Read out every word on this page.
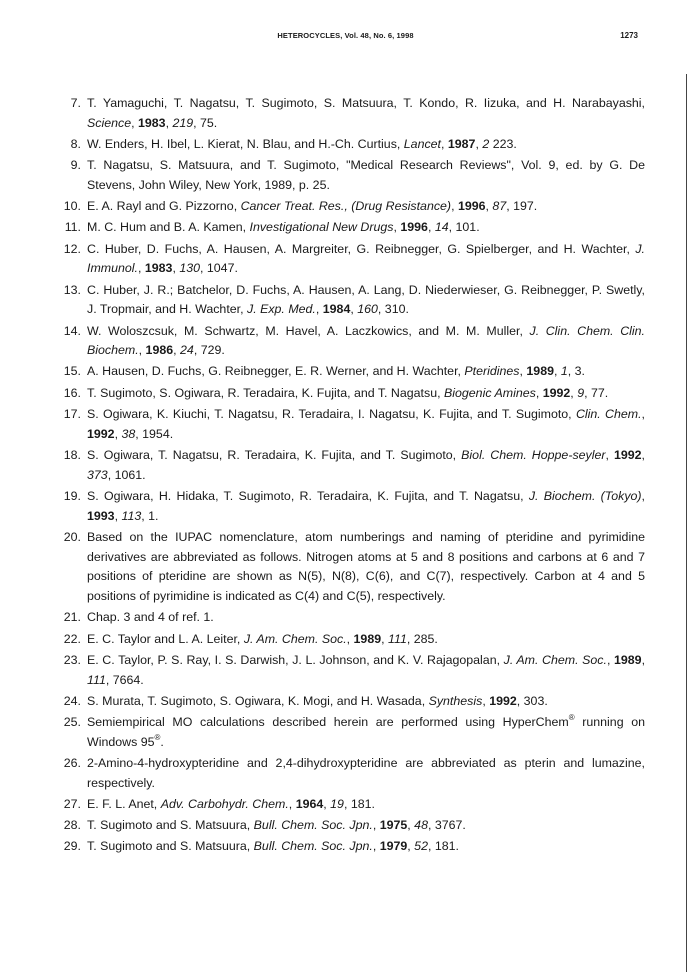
HETEROCYCLES, Vol. 48, No. 6, 1998	1273
7. T. Yamaguchi, T. Nagatsu, T. Sugimoto, S. Matsuura, T. Kondo, R. Iizuka, and H. Narabayashi, Science, 1983, 219, 75.
8. W. Enders, H. Ibel, L. Kierat, N. Blau, and H.-Ch. Curtius, Lancet, 1987, 2 223.
9. T. Nagatsu, S. Matsuura, and T. Sugimoto, "Medical Research Reviews", Vol. 9, ed. by G. De Stevens, John Wiley, New York, 1989, p. 25.
10. E. A. Rayl and G. Pizzorno, Cancer Treat. Res., (Drug Resistance), 1996, 87, 197.
11. M. C. Hum and B. A. Kamen, Investigational New Drugs, 1996, 14, 101.
12. C. Huber, D. Fuchs, A. Hausen, A. Margreiter, G. Reibnegger, G. Spielberger, and H. Wachter, J. Immunol., 1983, 130, 1047.
13. C. Huber, J. R.; Batchelor, D. Fuchs, A. Hausen, A. Lang, D. Niederwieser, G. Reibnegger, P. Swetly, J. Tropmair, and H. Wachter, J. Exp. Med., 1984, 160, 310.
14. W. Woloszcsuk, M. Schwartz, M. Havel, A. Laczkowics, and M. M. Muller, J. Clin. Chem. Clin. Biochem., 1986, 24, 729.
15. A. Hausen, D. Fuchs, G. Reibnegger, E. R. Werner, and H. Wachter, Pteridines, 1989, 1, 3.
16. T. Sugimoto, S. Ogiwara, R. Teradaira, K. Fujita, and T. Nagatsu, Biogenic Amines, 1992, 9, 77.
17. S. Ogiwara, K. Kiuchi, T. Nagatsu, R. Teradaira, I. Nagatsu, K. Fujita, and T. Sugimoto, Clin. Chem., 1992, 38, 1954.
18. S. Ogiwara, T. Nagatsu, R. Teradaira, K. Fujita, and T. Sugimoto, Biol. Chem. Hoppe-seyler, 1992, 373, 1061.
19. S. Ogiwara, H. Hidaka, T. Sugimoto, R. Teradaira, K. Fujita, and T. Nagatsu, J. Biochem. (Tokyo), 1993, 113, 1.
20. Based on the IUPAC nomenclature, atom numberings and naming of pteridine and pyrimidine derivatives are abbreviated as follows. Nitrogen atoms at 5 and 8 positions and carbons at 6 and 7 positions of pteridine are shown as N(5), N(8), C(6), and C(7), respectively. Carbon at 4 and 5 positions of pyrimidine is indicated as C(4) and C(5), respectively.
21. Chap. 3 and 4 of ref. 1.
22. E. C. Taylor and L. A. Leiter, J. Am. Chem. Soc., 1989, 111, 285.
23. E. C. Taylor, P. S. Ray, I. S. Darwish, J. L. Johnson, and K. V. Rajagopalan, J. Am. Chem. Soc., 1989, 111, 7664.
24. S. Murata, T. Sugimoto, S. Ogiwara, K. Mogi, and H. Wasada, Synthesis, 1992, 303.
25. Semiempirical MO calculations described herein are performed using HyperChem® running on Windows 95®.
26. 2-Amino-4-hydroxypteridine and 2,4-dihydroxypteridine are abbreviated as pterin and lumazine, respectively.
27. E. F. L. Anet, Adv. Carbohydr. Chem., 1964, 19, 181.
28. T. Sugimoto and S. Matsuura, Bull. Chem. Soc. Jpn., 1975, 48, 3767.
29. T. Sugimoto and S. Matsuura, Bull. Chem. Soc. Jpn., 1979, 52, 181.
